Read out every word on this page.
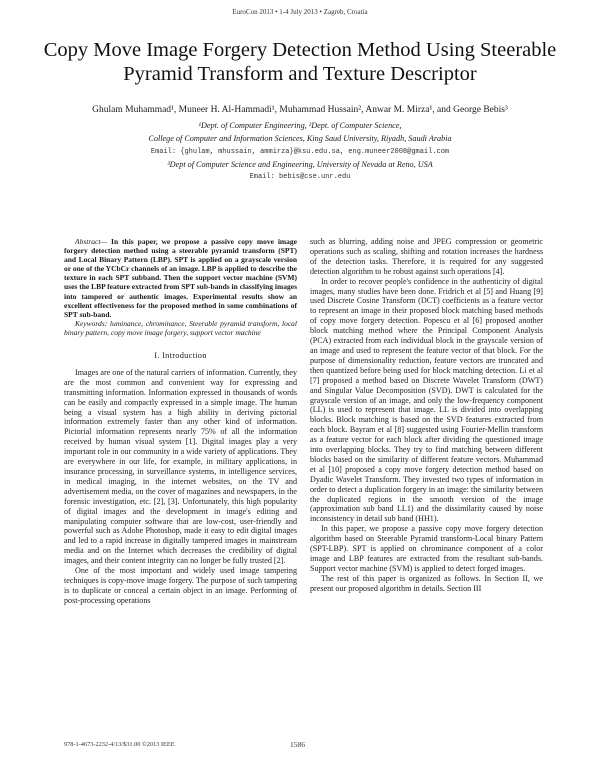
EuroCon 2013 • 1-4 July 2013 • Zagreb, Croatia
Copy Move Image Forgery Detection Method Using Steerable Pyramid Transform and Texture Descriptor
Ghulam Muhammad¹, Muneer H. Al-Hammadi¹, Muhammad Hussain², Anwar M. Mirza¹, and George Bebis³
¹Dept. of Computer Engineering, ²Dept. of Computer Science,
College of Computer and Information Sciences, King Saud University, Riyadh, Saudi Arabia
Email: {ghulam, mhussain, ammirza}@ksu.edu.sa, eng.muneer2008@gmail.com
³Dept of Computer Science and Engineering, University of Nevada at Reno, USA
Email: bebis@cse.unr.edu

Abstract— In this paper, we propose a passive copy move image forgery detection method using a steerable pyramid transform (SPT) and Local Binary Pattern (LBP). SPT is applied on a grayscale version or one of the YCbCr channels of an image. LBP is applied to describe the texture in each SPT subband. Then the support vector machine (SVM) uses the LBP feature extracted from SPT sub-bands in classifying images into tampered or authentic images. Experimental results show an excellent effectiveness for the proposed method in some combinations of SPT sub-band.

Keywords: luminance, chrominance, Steerable pyramid transform, local binary pattern, copy move image forgery, support vector machine

I. Introduction

Images are one of the natural carriers of information. Currently, they are the most common and convenient way for expressing and transmitting information. Information expressed in thousands of words can be easily and compactly expressed in a simple image. The human being a visual system has a high ability in deriving pictorial information extremely faster than any other kind of information. Pictorial information represents nearly 75% of all the information received by human visual system [1]. Digital images play a very important role in our community in a wide variety of applications. They are everywhere in our life, for example, in military applications, in insurance processing, in surveillance systems, in intelligence services, in medical imaging, in the internet websites, on the TV and advertisement media, on the cover of magazines and newspapers, in the forensic investigation, etc. [2], [3]. Unfortunately, this high popularity of digital images and the development in image's editing and manipulating computer software that are low-cost, user-friendly and powerful such as Adobe Photoshop, made it easy to edit digital images and led to a rapid increase in digitally tampered images in mainstream media and on the Internet which decreases the credibility of digital images, and their content integrity can no longer be fully trusted [2].

One of the most important and widely used image tampering techniques is copy-move image forgery. The purpose of such tampering is to duplicate or conceal a certain object in an image. Performing of post-processing operations

such as blurring, adding noise and JPEG compression or geometric operations such as scaling, shifting and rotation increases the hardness of the detection tasks. Therefore, it is required for any suggested detection algorithm to be robust against such operations [4].

In order to recover people's confidence in the authenticity of digital images, many studies have been done. Fridrich et al [5] and Huang [9] used Discrete Cosine Transform (DCT) coefficients as a feature vector to represent an image in their proposed block matching based methods of copy move forgery detection. Popescu et al [6] proposed another block matching method where the Principal Component Analysis (PCA) extracted from each individual block in the grayscale version of an image and used to represent the feature vector of that block. For the purpose of dimensionality reduction, feature vectors are truncated and then quantized before being used for block matching detection. Li et al [7] proposed a method based on Discrete Wavelet Transform (DWT) and Singular Value Decomposition (SVD). DWT is calculated for the grayscale version of an image, and only the low-frequency component (LL) is used to represent that image. LL is divided into overlapping blocks. Block matching is based on the SVD features extracted from each block. Bayram et al [8] suggested using Fourier-Mellin transform as a feature vector for each block after dividing the questioned image into overlapping blocks. They try to find matching between different blocks based on the similarity of different feature vectors. Muhammad et al [10] proposed a copy move forgery detection method based on Dyadic Wavelet Transform. They invested two types of information in order to detect a duplication forgery in an image: the similarity between the duplicated regions in the smooth version of the image (approximation sub band LL1) and the dissimilarity caused by noise inconsistency in detail sub band (HH1).

In this paper, we propose a passive copy move forgery detection algorithm based on Steerable Pyramid transform-Local binary Pattern (SPT-LBP). SPT is applied on chrominance component of a color image and LBP features are extracted from the resultant sub-bands. Support vector machine (SVM) is applied to detect forged images.

The rest of this paper is organized as follows. In Section II, we present our proposed algorithm in details. Section III

978-1-4673-2232-4/13/$31.00 ©2013 IEEE	1586
